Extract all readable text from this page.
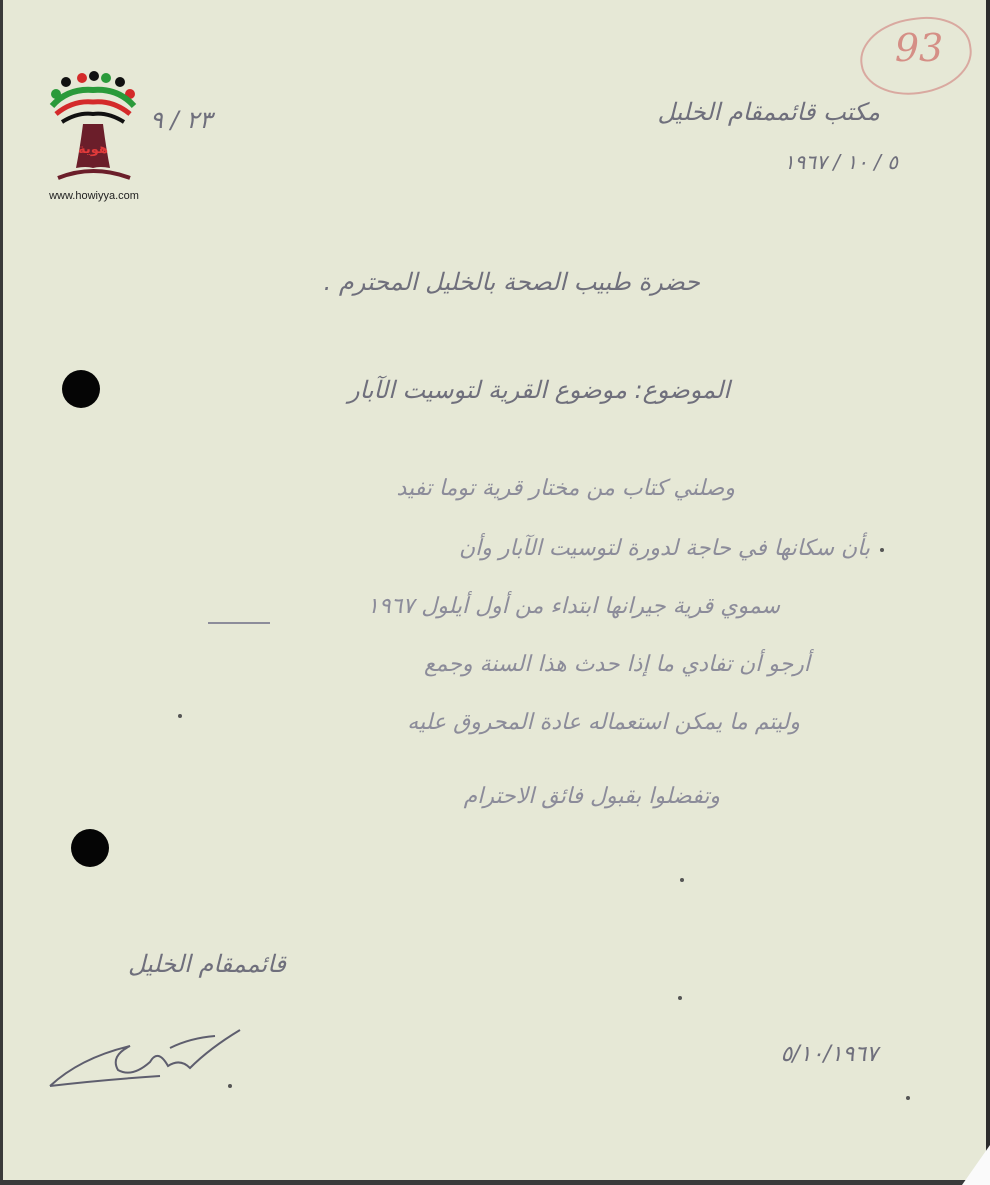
هوية
www.howiyya.com
93
مكتب قائممقام الخليل
٥ / ١٠ / ١٩٦٧
٢٣ / ٩
حضرة طبيب الصحة بالخليل المحترم .
الموضوع: موضوع القرية لتوسيت الآبار
وصلني كتاب من مختار قرية توما تفيد
بأن سكانها في حاجة لدورة لتوسيت الآبار وأن
سموي قرية جيرانها ابتداء من أول أيلول ١٩٦٧
أرجو أن تفادي ما إذا حدث هذا السنة وجمع
وليتم ما يمكن استعماله عادة المحروق عليه
وتفضلوا بقبول فائق الاحترام
قائممقام الخليل
٥/١٠/١٩٦٧
